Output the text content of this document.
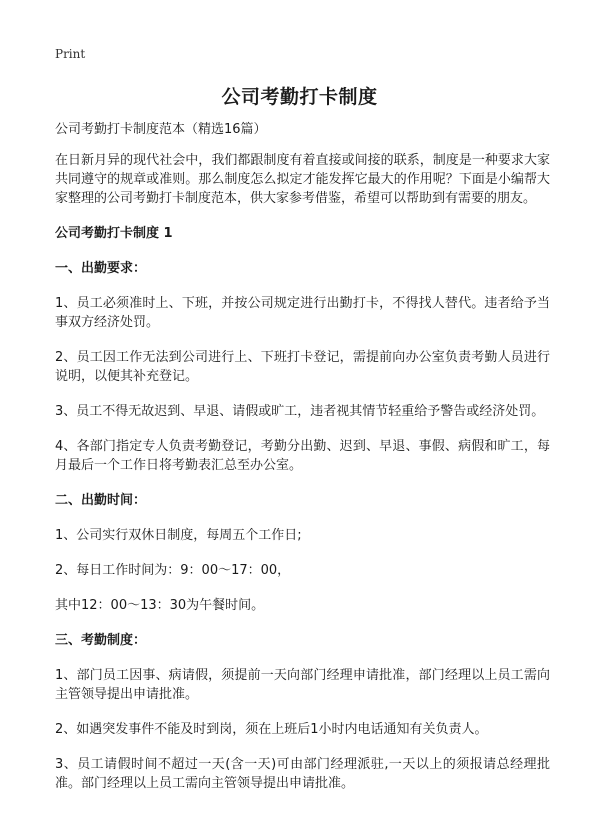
Print
公司考勤打卡制度

公司考勤打卡制度范本（精选16篇）

在日新月异的现代社会中，我们都跟制度有着直接或间接的联系，制度是一种要求大家共同遵守的规章或准则。那么制度怎么拟定才能发挥它最大的作用呢？下面是小编帮大家整理的公司考勤打卡制度范本，供大家参考借鉴，希望可以帮助到有需要的朋友。

公司考勤打卡制度 1

一、出勤要求：

1、员工必须准时上、下班，并按公司规定进行出勤打卡，不得找人替代。违者给予当事双方经济处罚。

2、员工因工作无法到公司进行上、下班打卡登记，需提前向办公室负责考勤人员进行说明，以便其补充登记。

3、员工不得无故迟到、早退、请假或旷工，违者视其情节轻重给予警告或经济处罚。

4、各部门指定专人负责考勤登记，考勤分出勤、迟到、早退、事假、病假和旷工，每月最后一个工作日将考勤表汇总至办公室。

二、出勤时间：

1、公司实行双休日制度，每周五个工作日;

2、每日工作时间为：9：00～17：00，

其中12：00～13：30为午餐时间。

三、考勤制度：

1、部门员工因事、病请假，须提前一天向部门经理申请批准，部门经理以上员工需向主管领导提出申请批准。

2、如遇突发事件不能及时到岗，须在上班后1小时内电话通知有关负责人。

3、员工请假时间不超过一天(含一天)可由部门经理派驻,一天以上的须报请总经理批准。部门经理以上员工需向主管领导提出申请批准。
